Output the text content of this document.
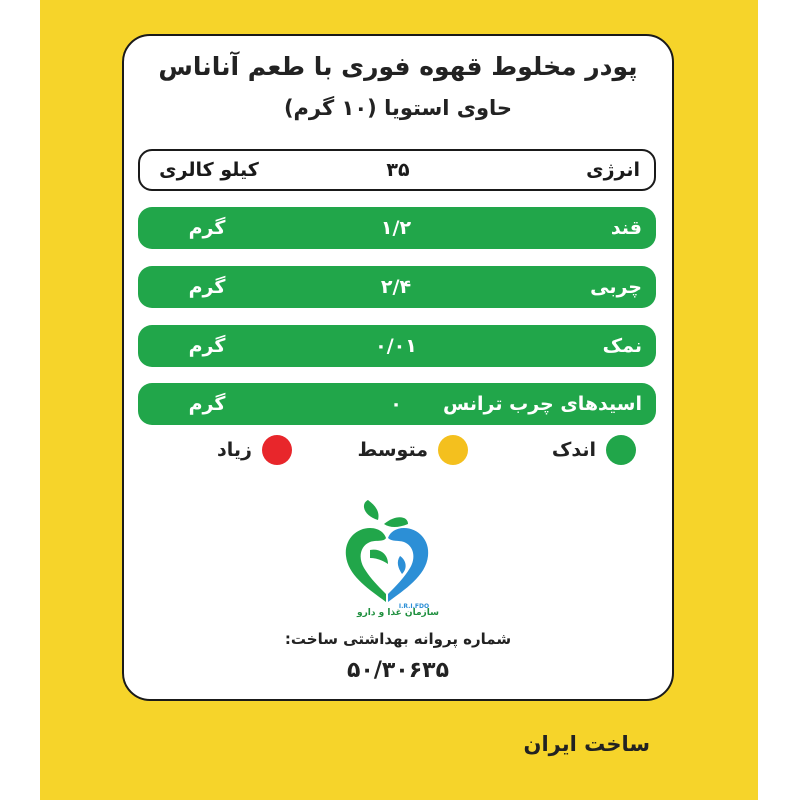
پودر مخلوط قهوه فوری با طعم آناناس
حاوی استویا (۱۰ گرم)
انرژی
۳۵
کیلو کالری
قند
۱/۲
گرم
چربی
۲/۴
گرم
نمک
۰/۰۱
گرم
اسیدهای چرب ترانس
۰
گرم
اندک
متوسط
زیاد
I.R.I.FDO
سازمان غذا و دارو
شماره پروانه بهداشتی ساخت:
۵۰/۳۰۶۳۵
ساخت ایران
